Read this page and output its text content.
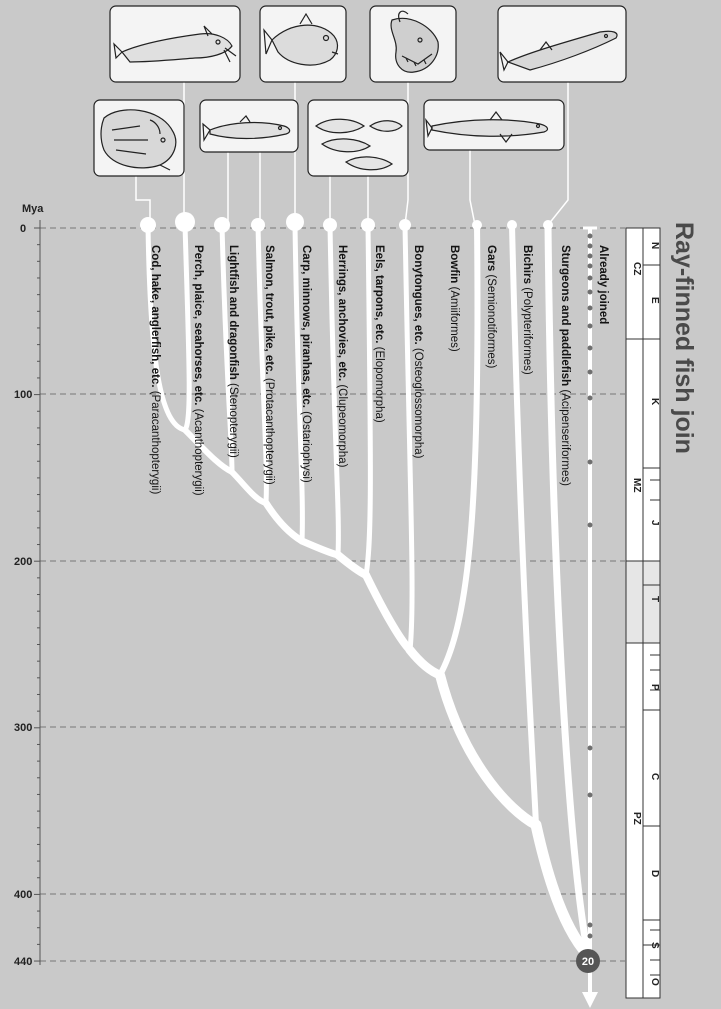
Mya
0
100
200
300
400
440	20
Cod, hake, anglerfish, etc. (Paracanthopterygii)
Perch, plaice, seahorses, etc. (Acanthopterygii)
Lightfish and dragonfish (Stenopterygii)
Salmon, trout, pike, etc. (Protacanthopterygii)
Carp, minnows, piranhas, etc. (Ostariophysi)
Herrings, anchovies, etc. (Clupeomorpha)
Eels, tarpons, etc. (Elopomorpha)
Bonytongues, etc. (Osteoglossomorpha)
Bowfin (Amiiformes)
Gars (Semionotiformes)
Bichirs (Polypteriformes) Sturgeons and paddlefish (Acipenseriformes)
Already joined	N
E
K
J
T
P
C
D
S
O
CZ
MZ
PZ
Ray-finned fish join
